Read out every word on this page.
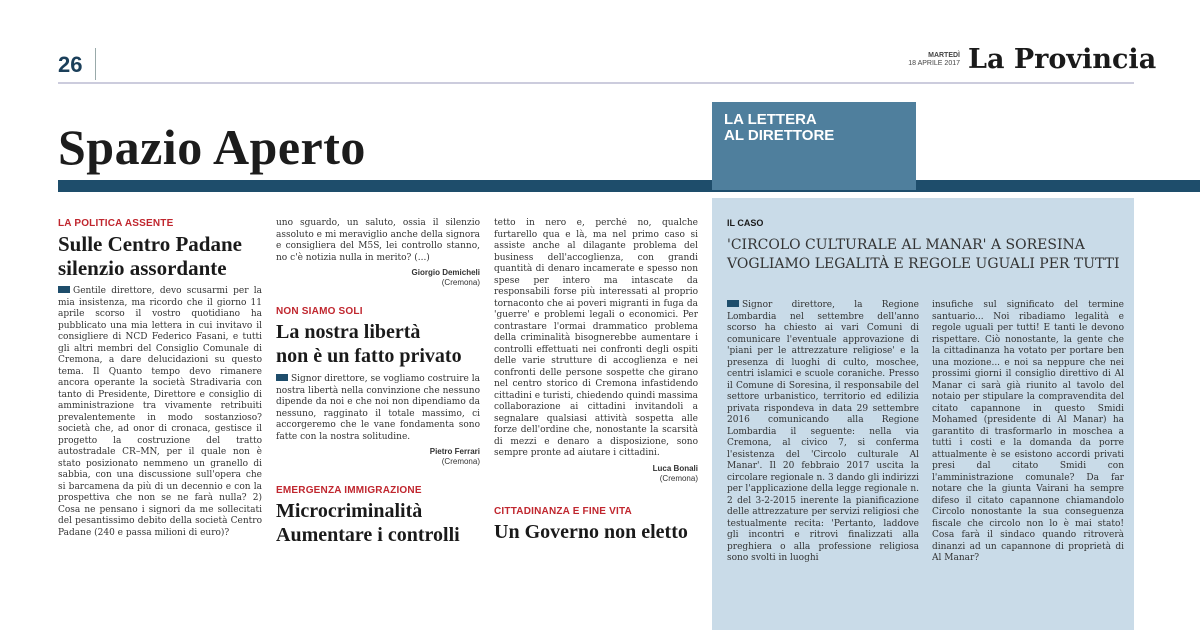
26	MARTEDÌ
18 APRILE 2017 La Provincia
Spazio Aperto	LA LETTERA
AL DIRETTORE
LA POLITICA ASSENTE
Sulle Centro Padane
silenzio assordante
Gentile direttore, devo scusarmi per la mia insistenza, ma ricordo che il giorno 11 aprile scorso il vostro quotidiano ha pubblicato una mia lettera in cui invitavo il consigliere di NCD Federico Fasani, e tutti gli altri membri del Consiglio Comunale di Cremona, a dare delucidazioni su questo tema. Il Quanto tempo devo rimanere ancora operante la società Stradivaria con tanto di Presidente, Direttore e consiglio di amministrazione tra vivamente retribuiti prevalentemente in modo sostanzioso? società che, ad onor di cronaca, gestisce il progetto la costruzione del tratto autostradale CR–MN, per il quale non è stato posizionato nemmeno un granello di sabbia, con una discussione sull'opera che si barcamena da più di un decennio e con la prospettiva che non se ne farà nulla? 2) Cosa ne pensano i signori da me sollecitati del pesantissimo debito della società Centro Padane (240 e passa milioni di euro)?
uno sguardo, un saluto, ossia il silenzio assoluto e mi meraviglio anche della signora e consigliera del M5S, lei controllo stanno, no c'è notizia nulla in merito? (...)
Giorgio Demicheli
(Cremona)
NON SIAMO SOLI
La nostra libertà
non è un fatto privato
Signor direttore, se vogliamo costruire la nostra libertà nella convinzione che nessuno dipende da noi e che noi non dipendiamo da nessuno, ragginato il totale massimo, ci accorgeremo che le vane fondamenta sono fatte con la nostra solitudine.
Pietro Ferrari
(Cremona)
EMERGENZA IMMIGRAZIONE
Microcriminalità
Aumentare i controlli
tetto in nero e, perché no, qualche furtarello qua e là, ma nel primo caso si assiste anche al dilagante problema del business dell'accoglienza, con grandi quantità di denaro incamerate e spesso non spese per intero ma intascate da responsabili forse più interessati al proprio tornaconto che ai poveri migranti in fuga da 'guerre' e problemi legali o economici. Per contrastare l'ormai drammatico problema della criminalità bisognerebbe aumentare i controlli effettuati nei confronti degli ospiti delle varie strutture di accoglienza e nei confronti delle persone sospette che girano nel centro storico di Cremona infastidendo cittadini e turisti, chiedendo quindi massima collaborazione ai cittadini invitandoli a segnalare qualsiasi attività sospetta alle forze dell'ordine che, nonostante la scarsità di mezzi e denaro a disposizione, sono sempre pronte ad aiutare i cittadini.
Luca Bonali
(Cremona)
CITTADINANZA E FINE VITA
Un Governo non eletto
IL CASO
'CIRCOLO CULTURALE AL MANAR' A SORESINA
VOGLIAMO LEGALITÀ E REGOLE UGUALI PER TUTTI
Signor direttore, la Regione Lombardia nel settembre dell'anno scorso ha chiesto ai vari Comuni di comunicare l'eventuale approvazione di 'piani per le attrezzature religiose' e la presenza di luoghi di culto, moschee, centri islamici e scuole coraniche. Presso il Comune di Soresina, il responsabile del settore urbanistico, territorio ed edilizia privata rispondeva in data 29 settembre 2016 comunicando alla Regione Lombardia il seguente: nella via Cremona, al civico 7, si conferma l'esistenza del 'Circolo culturale Al Manar'. Il 20 febbraio 2017 uscita la circolare regionale n. 3 dando gli indirizzi per l'applicazione della legge regionale n. 2 del 3-2-2015 inerente la pianificazione delle attrezzature per servizi religiosi che testualmente recita: 'Pertanto, laddove gli incontri e ritrovi finalizzati alla preghiera o alla professione religiosa sono svolti in luoghi
insufiche sul significato del termine santuario... Noi ribadiamo legalità e regole uguali per tutti! E tanti le devono rispettare. Ciò nonostante, la gente che la cittadinanza ha votato per portare ben una mozione... e noi sa neppure che nei prossimi giorni il consiglio direttivo di Al Manar ci sarà già riunito al tavolo del notaio per stipulare la compravendita del citato capannone in questo Smidi Mohamed (presidente di Al Manar) ha garantito di trasformarlo in moschea a tutti i costi e la domanda da porre attualmente è se esistono accordi privati presi dal citato Smidi con l'amministrazione comunale? Da far notare che la giunta Vairani ha sempre difeso il citato capannone chiamandolo Circolo nonostante la sua conseguenza fiscale che circolo non lo è mai stato! Cosa farà il sindaco quando ritroverà dinanzi ad un capannone di proprietà di Al Manar?
